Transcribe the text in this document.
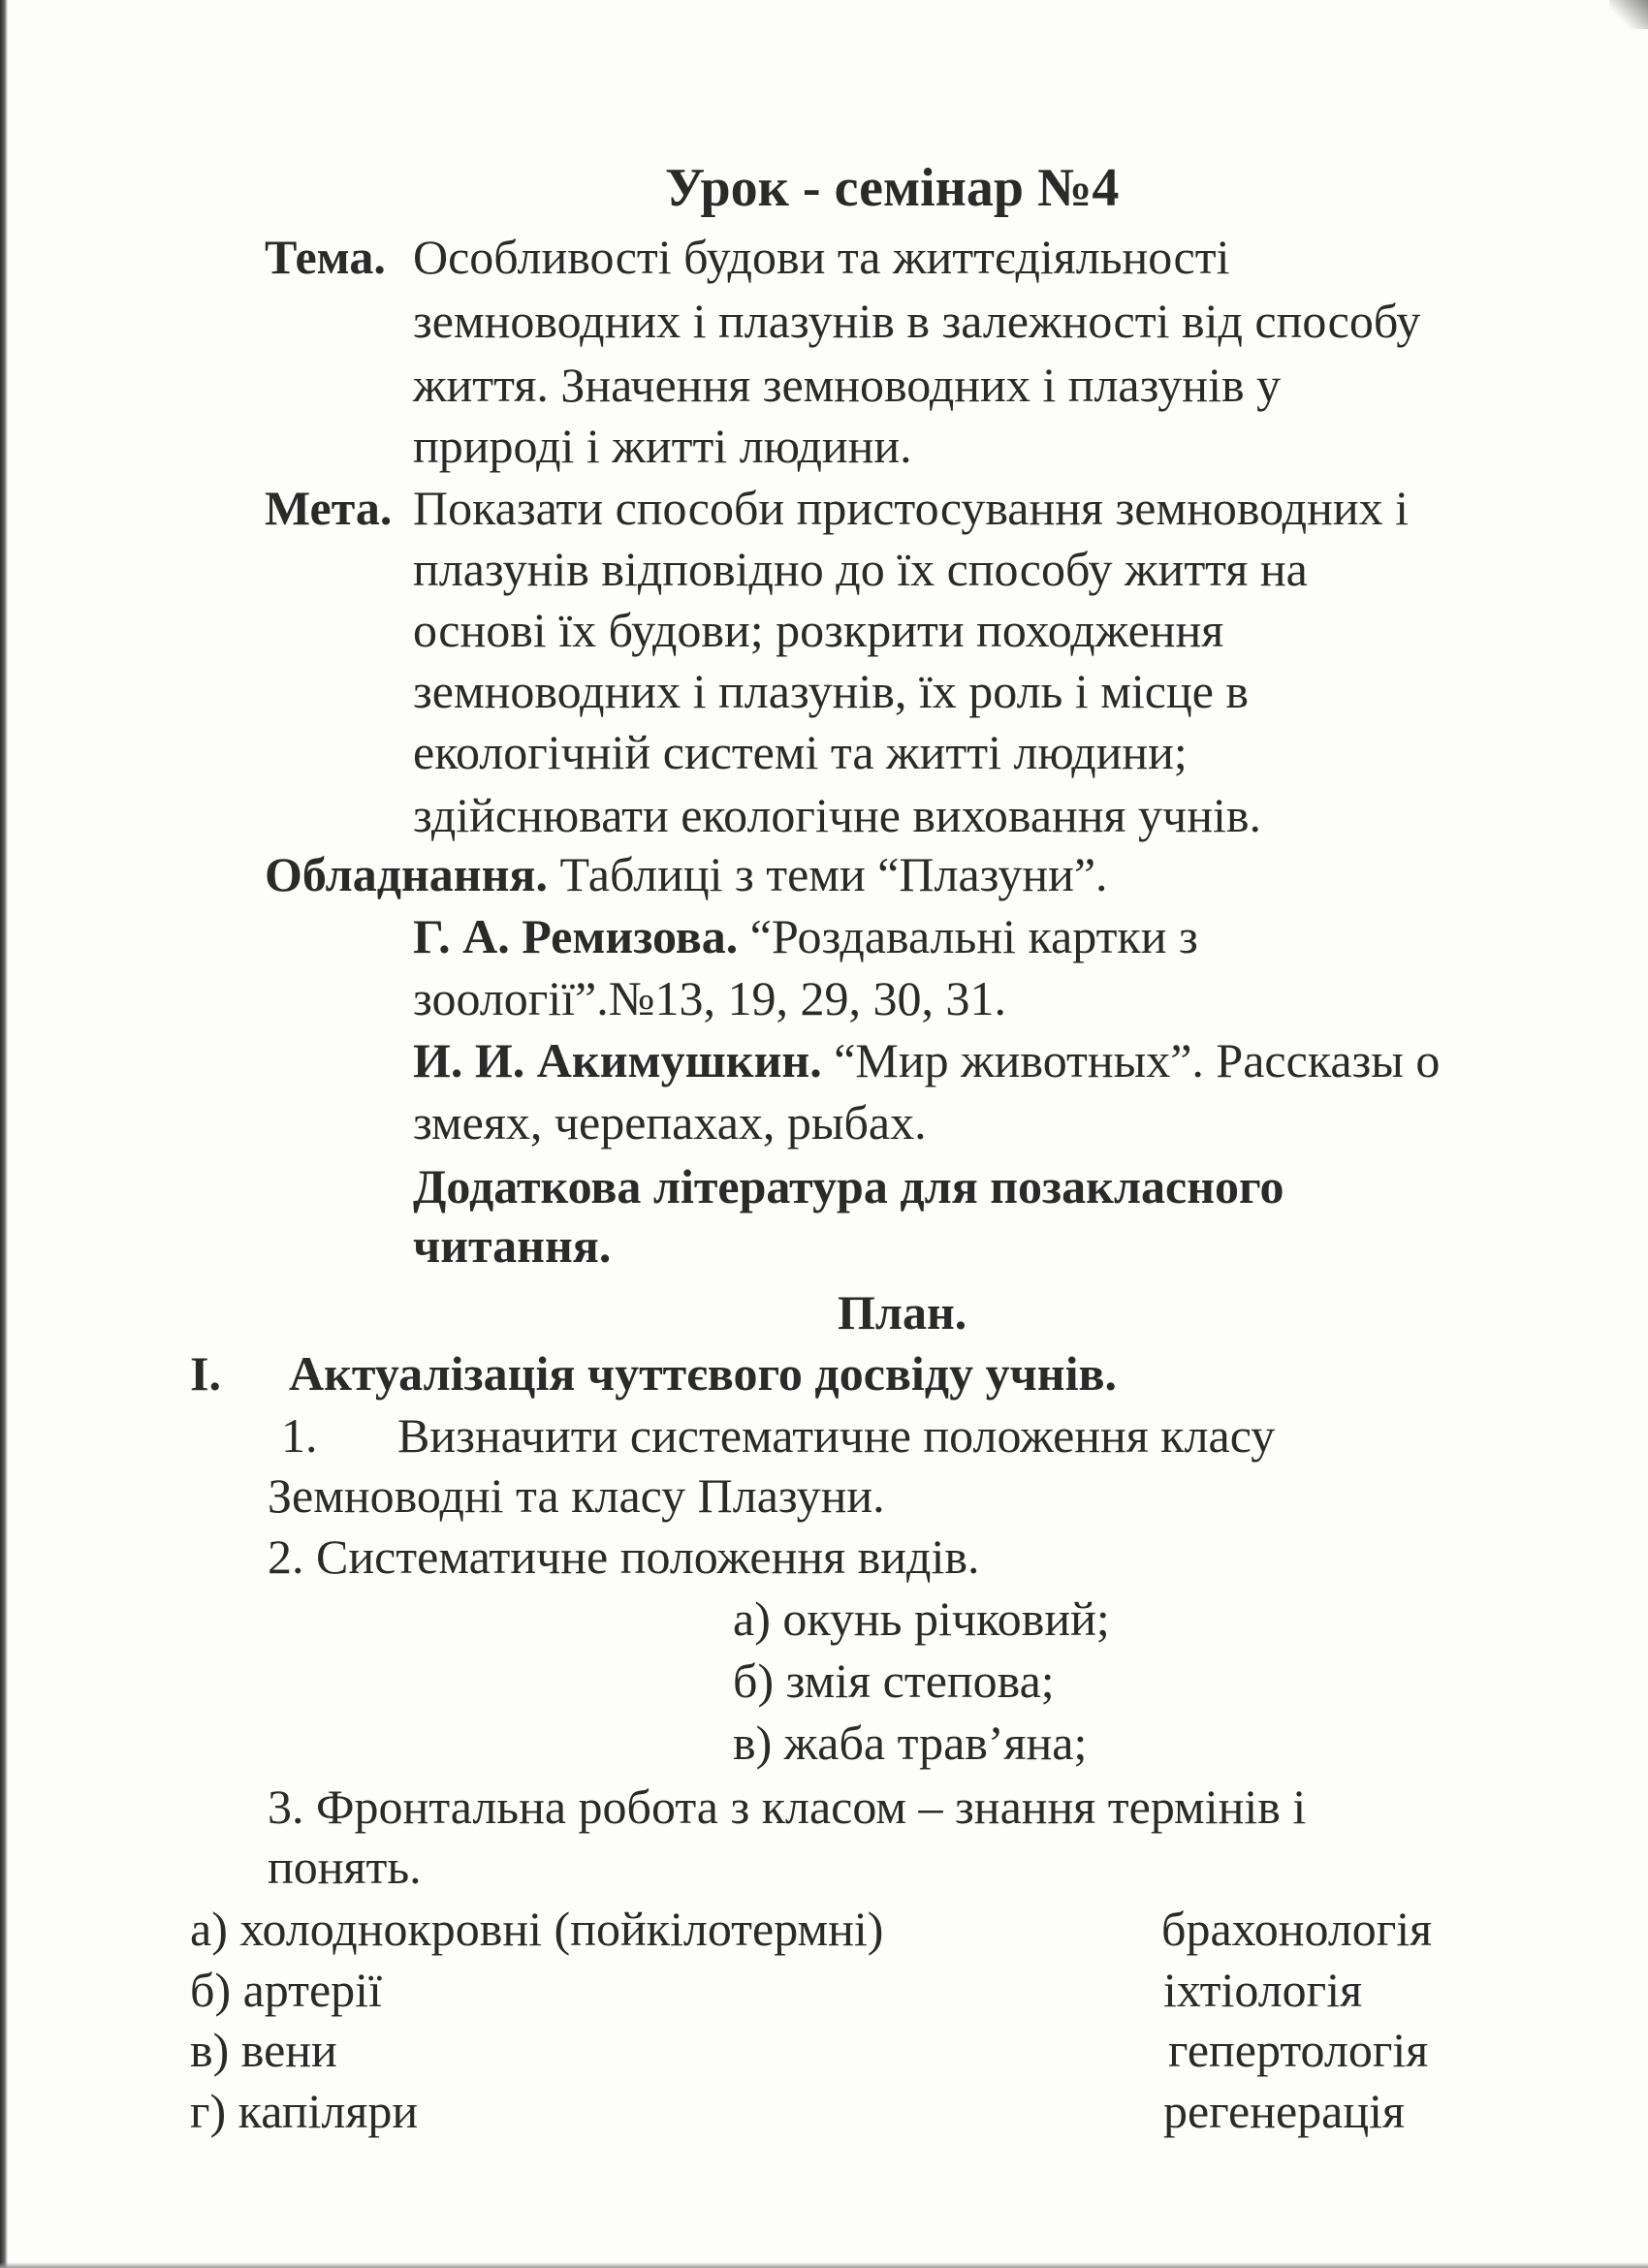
Урок - семінар №4
Тема. Особливості будови та життєдіяльності
земноводних і плазунів в залежності від способу
життя. Значення земноводних і плазунів у
природі і житті людини.
Мета. Показати способи пристосування земноводних і
плазунів відповідно до їх способу життя на
основі їх будови; розкрити походження
земноводних і плазунів, їх роль і місце в
екологічній системі та житті людини;
здійснювати екологічне виховання учнів.
Обладнання. Таблиці з теми “Плазуни”.
Г. А. Ремизова. “Роздавальні картки з
зоології”.№13, 19, 29, 30, 31.
И. И. Акимушкин. “Мир животных”. Рассказы о
змеях, черепахах, рыбах.
Додаткова література для позакласного
читання.
План.
I. Актуалізація чуттєвого досвіду учнів.
1. Визначити систематичне положення класу
Земноводні та класу Плазуни.
2. Систематичне положення видів.
а) окунь річковий;
б) змія степова;
в) жаба трав’яна;
3. Фронтальна робота з класом – знання термінів і
понять.
а) холоднокровні (пойкілотермні)
б) артерії
в) вени
г) капіляри
брахонологія
іхтіологія
гепертологія
регенерація
